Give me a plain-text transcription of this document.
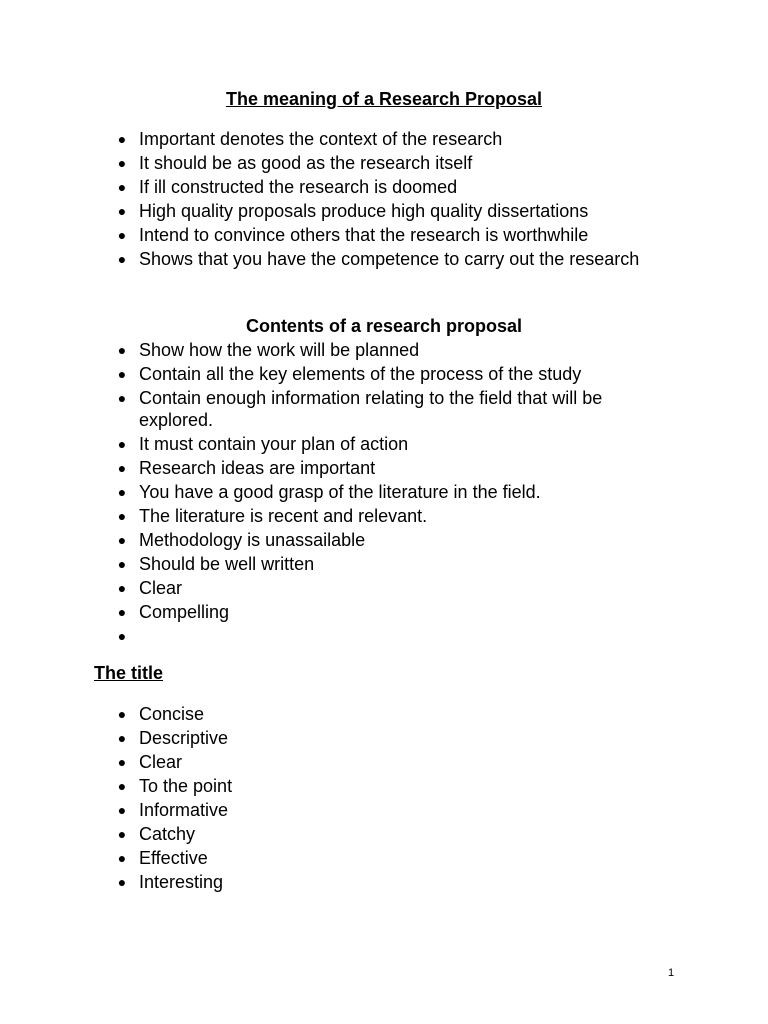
The meaning of a Research Proposal
● Important denotes the context of the research
● It should be as good as the research itself
● If ill constructed the research is doomed
● High quality proposals produce high quality dissertations
● Intend to convince others that the research is worthwhile
● Shows that you have the competence to carry out the research
Contents of a research proposal
● Show how the work will be planned
● Contain all the key elements of the process of the study
● Contain enough information relating to the field that will be explored.
● It must contain your plan of action
● Research ideas are important
● You have a good grasp of the literature in the field.
● The literature is recent and relevant.
● Methodology is unassailable
● Should be well written
● Clear
● Compelling
●
The title
● Concise
● Descriptive
● Clear
● To the point
● Informative
● Catchy
● Effective
● Interesting
1
